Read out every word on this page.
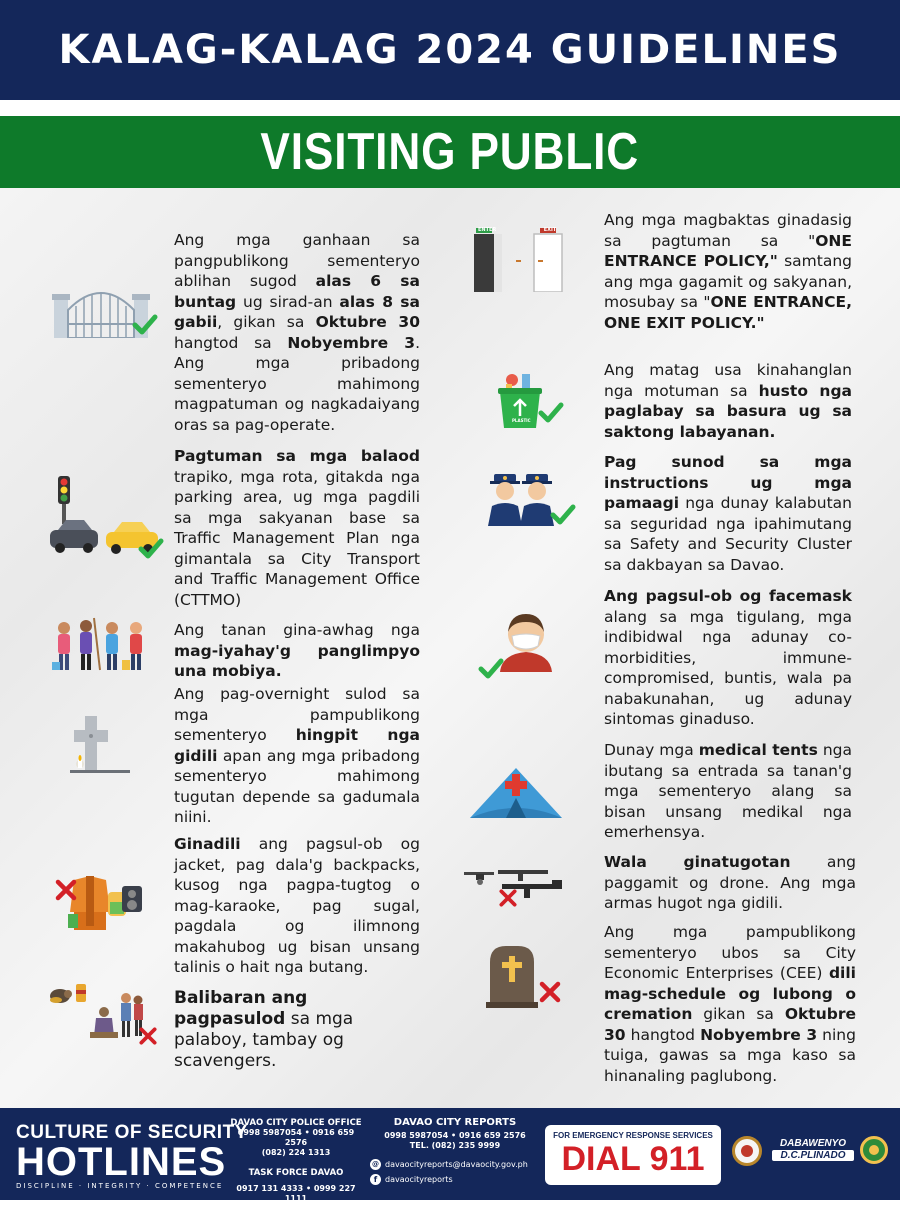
KALAG-KALAG 2024 GUIDELINES
VISITING PUBLIC

Ang mga ganhaan sa pangpublikong sementeryo ablihan sugod alas 6 sa buntag ug sirad-an alas 8 sa gabii, gikan sa Oktubre 30 hangtod sa Nobyembre 3. Ang mga pribadong sementeryo mahimong magpatuman og nagkadaiyang oras sa pag-operate.

Pagtuman sa mga balaod trapiko, mga rota, gitakda nga parking area, ug mga pagdili sa mga sakyanan base sa Traffic Management Plan nga gimantala sa City Transport and Traffic Management Office (CTTMO)

Ang tanan gina-awhag nga mag-iyahay'g panglimpyo una mobiya.

Ang pag-overnight sulod sa mga pampublikong sementeryo hingpit nga gidili apan ang mga pribadong sementeryo mahimong tugutan depende sa gadumala niini.

Ginadili ang pagsul-ob og jacket, pag dala'g backpacks, kusog nga pagpa-tugtog o mag-karaoke, pag sugal, pagdala og ilimnong makahubog ug bisan unsang talinis o hait nga butang.

Balibaran ang pagpasulod sa mga palaboy, tambay og scavengers.

ENTER	EXIT

Ang mga magbaktas ginadasig sa pagtuman sa "ONE ENTRANCE POLICY," samtang ang mga gagamit og sakyanan, mosubay sa "ONE ENTRANCE, ONE EXIT POLICY."

PLASTIC

Ang matag usa kinahanglan nga motuman sa husto nga paglabay sa basura ug sa saktong labayanan.

Pag sunod sa mga instructions ug mga pamaagi nga dunay kalabutan sa seguridad nga ipahimutang sa Safety and Security Cluster sa dakbayan sa Davao.

Ang pagsul-ob og facemask alang sa mga tigulang, mga indibidwal nga adunay co-morbidities, immune-compromised, buntis, wala pa nabakunahan, ug adunay sintomas ginaduso.

Dunay mga medical tents nga ibutang sa entrada sa tanan'g mga sementeryo alang sa bisan unsang medikal nga emerhensya.

Wala ginatugotan ang paggamit og drone. Ang mga armas hugot nga gidili.

Ang mga pampublikong sementeryo ubos sa City Economic Enterprises (CEE) dili mag-schedule og lubong o cremation gikan sa Oktubre 30 hangtod Nobyembre 3 ning tuiga, gawas sa mga kaso sa hinanaling paglubong.

CULTURE OF SECURITY
HOTLINES
DISCIPLINE · INTEGRITY · COMPETENCE
DAVAO CITY POLICE OFFICE
0998 5987054 • 0916 659 2576
(082) 224 1313
TASK FORCE DAVAO
0917 131 4333 • 0999 227 1111
TEL. (082) 224 0911
DAVAO CITY REPORTS
0998 5987054 • 0916 659 2576
TEL. (082) 235 9999
@ davaocityreports@davaocity.gov.ph
f davaocityreports
FOR EMERGENCY RESPONSE SERVICES
DIAL 911	DABAWENYO
D.C.PLINADO
